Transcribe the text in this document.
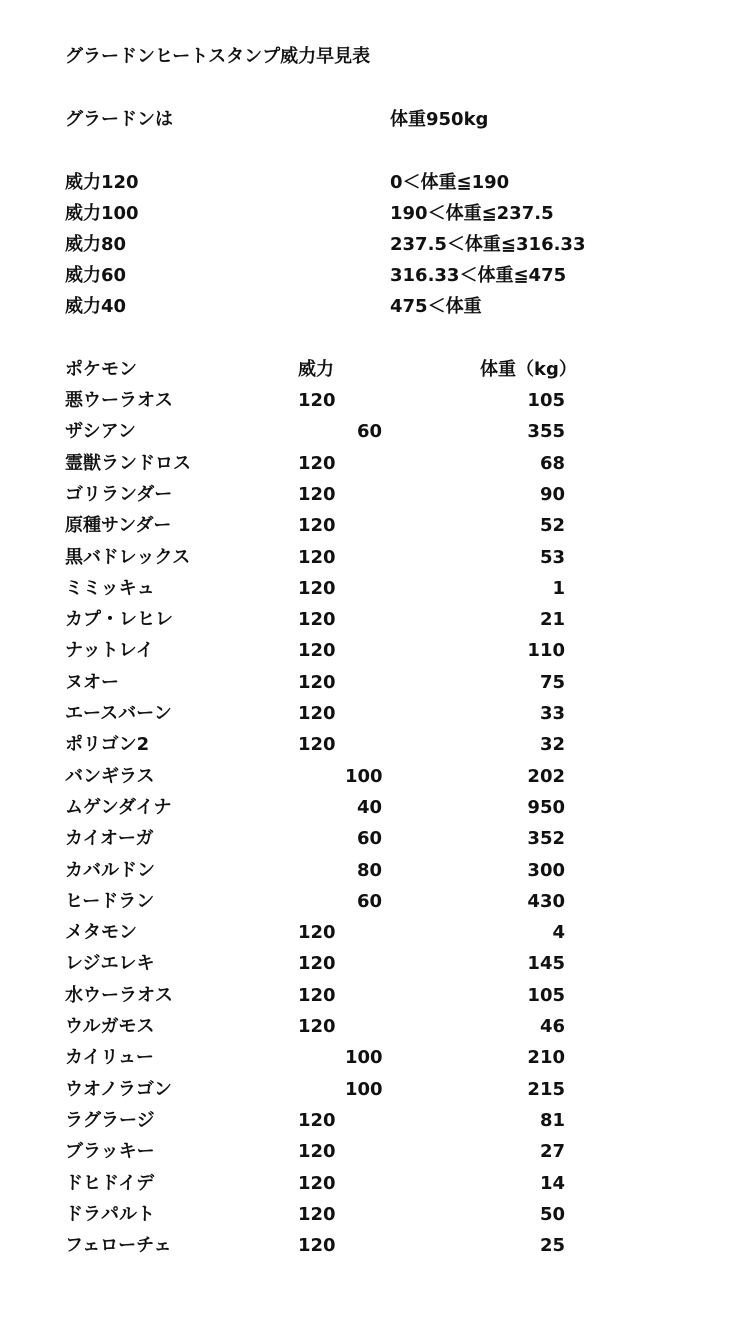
グラードンヒートスタンプ威力早見表
グラードンは	体重950kg
威力120	0＜体重≦190
威力100	190＜体重≦237.5
威力80	237.5＜体重≦316.33
威力60	316.33＜体重≦475
威力40	475＜体重
ポケモン	威力	体重（kg）
悪ウーラオス	120	105
ザシアン	60	355
霊獣ランドロス	120	68
ゴリランダー	120	90
原種サンダー	120	52
黒バドレックス	120	53
ミミッキュ	120	1
カプ・レヒレ	120	21
ナットレイ	120	110
ヌオー	120	75
エースバーン	120	33
ポリゴン2	120	32
バンギラス	100	202
ムゲンダイナ	40	950
カイオーガ	60	352
カバルドン	80	300
ヒードラン	60	430
メタモン	120	4
レジエレキ	120	145
水ウーラオス	120	105
ウルガモス	120	46
カイリュー	100	210
ウオノラゴン	100	215
ラグラージ	120	81
ブラッキー	120	27
ドヒドイデ	120	14
ドラパルト	120	50
フェローチェ	120	25
